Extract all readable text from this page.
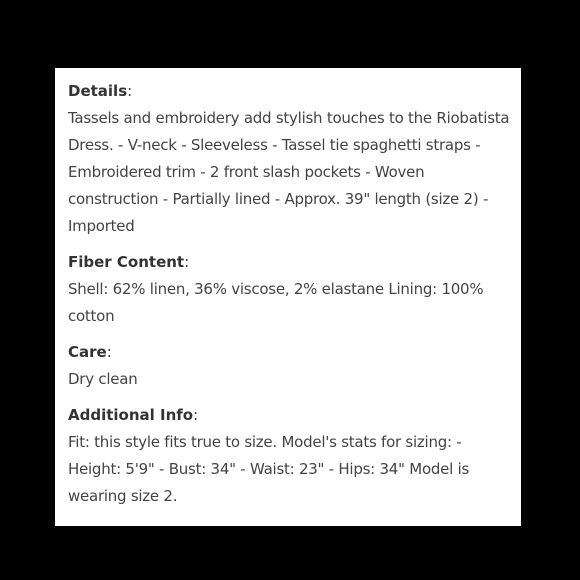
Details:
Tassels and embroidery add stylish touches to the Riobatista Dress. - V-neck - Sleeveless - Tassel tie spaghetti straps - Embroidered trim - 2 front slash pockets - Woven construction - Partially lined - Approx. 39" length (size 2) - Imported
Fiber Content:
Shell: 62% linen, 36% viscose, 2% elastane Lining: 100% cotton
Care:
Dry clean
Additional Info:
Fit: this style fits true to size. Model's stats for sizing: - Height: 5'9" - Bust: 34" - Waist: 23" - Hips: 34" Model is wearing size 2.
